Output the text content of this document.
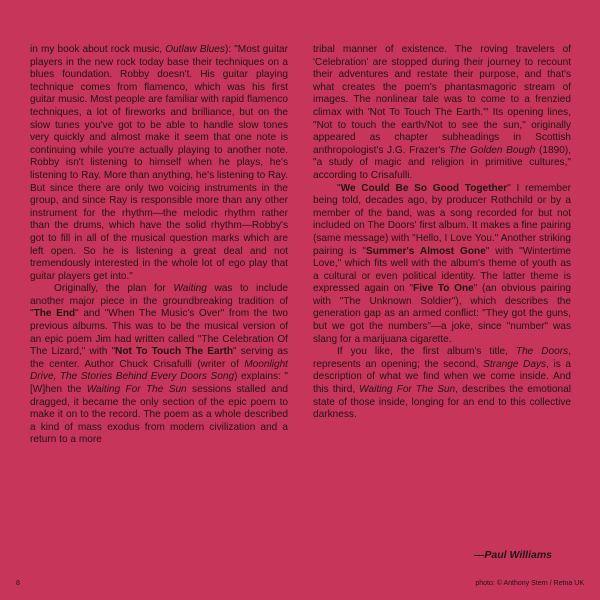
in my book about rock music, Outlaw Blues): "Most guitar players in the new rock today base their techniques on a blues foundation. Robby doesn't. His guitar playing technique comes from flamenco, which was his first guitar music. Most people are familiar with rapid flamenco techniques, a lot of fireworks and brilliance, but on the slow tunes you've got to be able to handle slow tones very quickly and almost make it seem that one note is continuing while you're actually playing to another note. Robby isn't listening to himself when he plays, he's listening to Ray. More than anything, he's listening to Ray. But since there are only two voicing instruments in the group, and since Ray is responsible more than any other instrument for the rhythm—the melodic rhythm rather than the drums, which have the solid rhythm—Robby's got to fill in all of the musical question marks which are left open. So he is listening a great deal and not tremendously interested in the whole lot of ego play that guitar players get into."

Originally, the plan for Waiting was to include another major piece in the groundbreaking tradition of "The End" and "When The Music's Over" from the two previous albums. This was to be the musical version of an epic poem Jim had written called "The Celebration Of The Lizard," with "Not To Touch The Earth" serving as the center. Author Chuck Crisafulli (writer of Moonlight Drive, The Stories Behind Every Doors Song) explains: "[W]hen the Waiting For The Sun sessions stalled and dragged, it became the only section of the epic poem to make it on to the record. The poem as a whole described a kind of mass exodus from modern civilization and a return to a more

tribal manner of existence. The roving travelers of 'Celebration' are stopped during their journey to recount their adventures and restate their purpose, and that's what creates the poem's phantasmagoric stream of images. The nonlinear tale was to come to a frenzied climax with 'Not To Touch The Earth.'" Its opening lines, "Not to touch the earth/Not to see the sun," originally appeared as chapter subheadings in Scottish anthropologist's J.G. Frazer's The Golden Bough (1890), "a study of magic and religion in primitive cultures," according to Crisafulli.

"We Could Be So Good Together" I remember being told, decades ago, by producer Rothchild or by a member of the band, was a song recorded for but not included on The Doors' first album. It makes a fine pairing (same message) with "Hello, I Love You." Another striking pairing is "Summer's Almost Gone" with "Wintertime Love," which fits well with the album's theme of youth as a cultural or even political identity. The latter theme is expressed again on "Five To One" (an obvious pairing with "The Unknown Soldier"), which describes the generation gap as an armed conflict: "They got the guns, but we got the numbers"—a joke, since "number" was slang for a marijuana cigarette.

If you like, the first album's title, The Doors, represents an opening; the second, Strange Days, is a description of what we find when we come inside. And this third, Waiting For The Sun, describes the emotional state of those inside, longing for an end to this collective darkness.

—Paul Williams
8	photo: © Anthony Stern / Retna UK
